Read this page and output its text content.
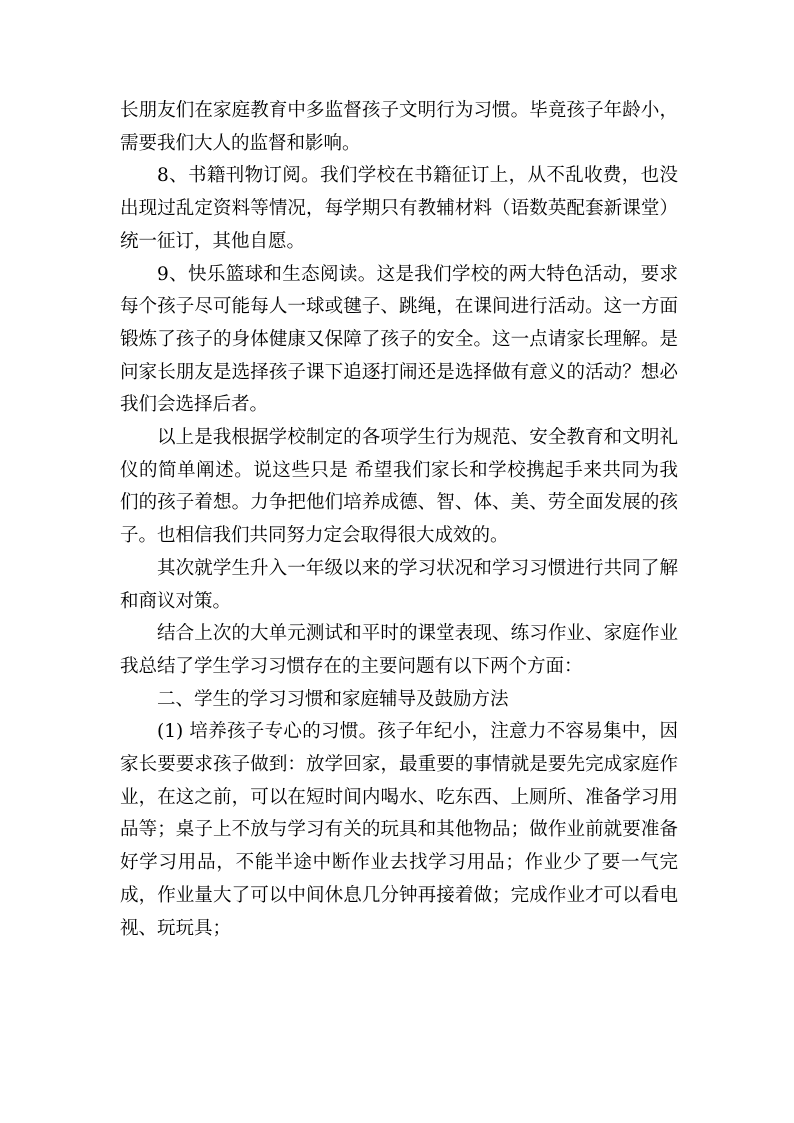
长朋友们在家庭教育中多监督孩子文明行为习惯。毕竟孩子年龄小，需要我们大人的监督和影响。

8、书籍刊物订阅。我们学校在书籍征订上，从不乱收费，也没出现过乱定资料等情况，每学期只有教辅材料（语数英配套新课堂）统一征订，其他自愿。

9、快乐篮球和生态阅读。这是我们学校的两大特色活动，要求每个孩子尽可能每人一球或毽子、跳绳，在课间进行活动。这一方面锻炼了孩子的身体健康又保障了孩子的安全。这一点请家长理解。是问家长朋友是选择孩子课下追逐打闹还是选择做有意义的活动？想必我们会选择后者。

以上是我根据学校制定的各项学生行为规范、安全教育和文明礼仪的简单阐述。说这些只是 希望我们家长和学校携起手来共同为我们的孩子着想。力争把他们培养成德、智、体、美、劳全面发展的孩子。也相信我们共同努力定会取得很大成效的。

其次就学生升入一年级以来的学习状况和学习习惯进行共同了解和商议对策。

结合上次的大单元测试和平时的课堂表现、练习作业、家庭作业我总结了学生学习习惯存在的主要问题有以下两个方面：

二、学生的学习习惯和家庭辅导及鼓励方法

(1) 培养孩子专心的习惯。孩子年纪小，注意力不容易集中，因家长要要求孩子做到：放学回家，最重要的事情就是要先完成家庭作业，在这之前，可以在短时间内喝水、吃东西、上厕所、准备学习用品等；桌子上不放与学习有关的玩具和其他物品；做作业前就要准备好学习用品，不能半途中断作业去找学习用品；作业少了要一气完成，作业量大了可以中间休息几分钟再接着做；完成作业才可以看电视、玩玩具；
